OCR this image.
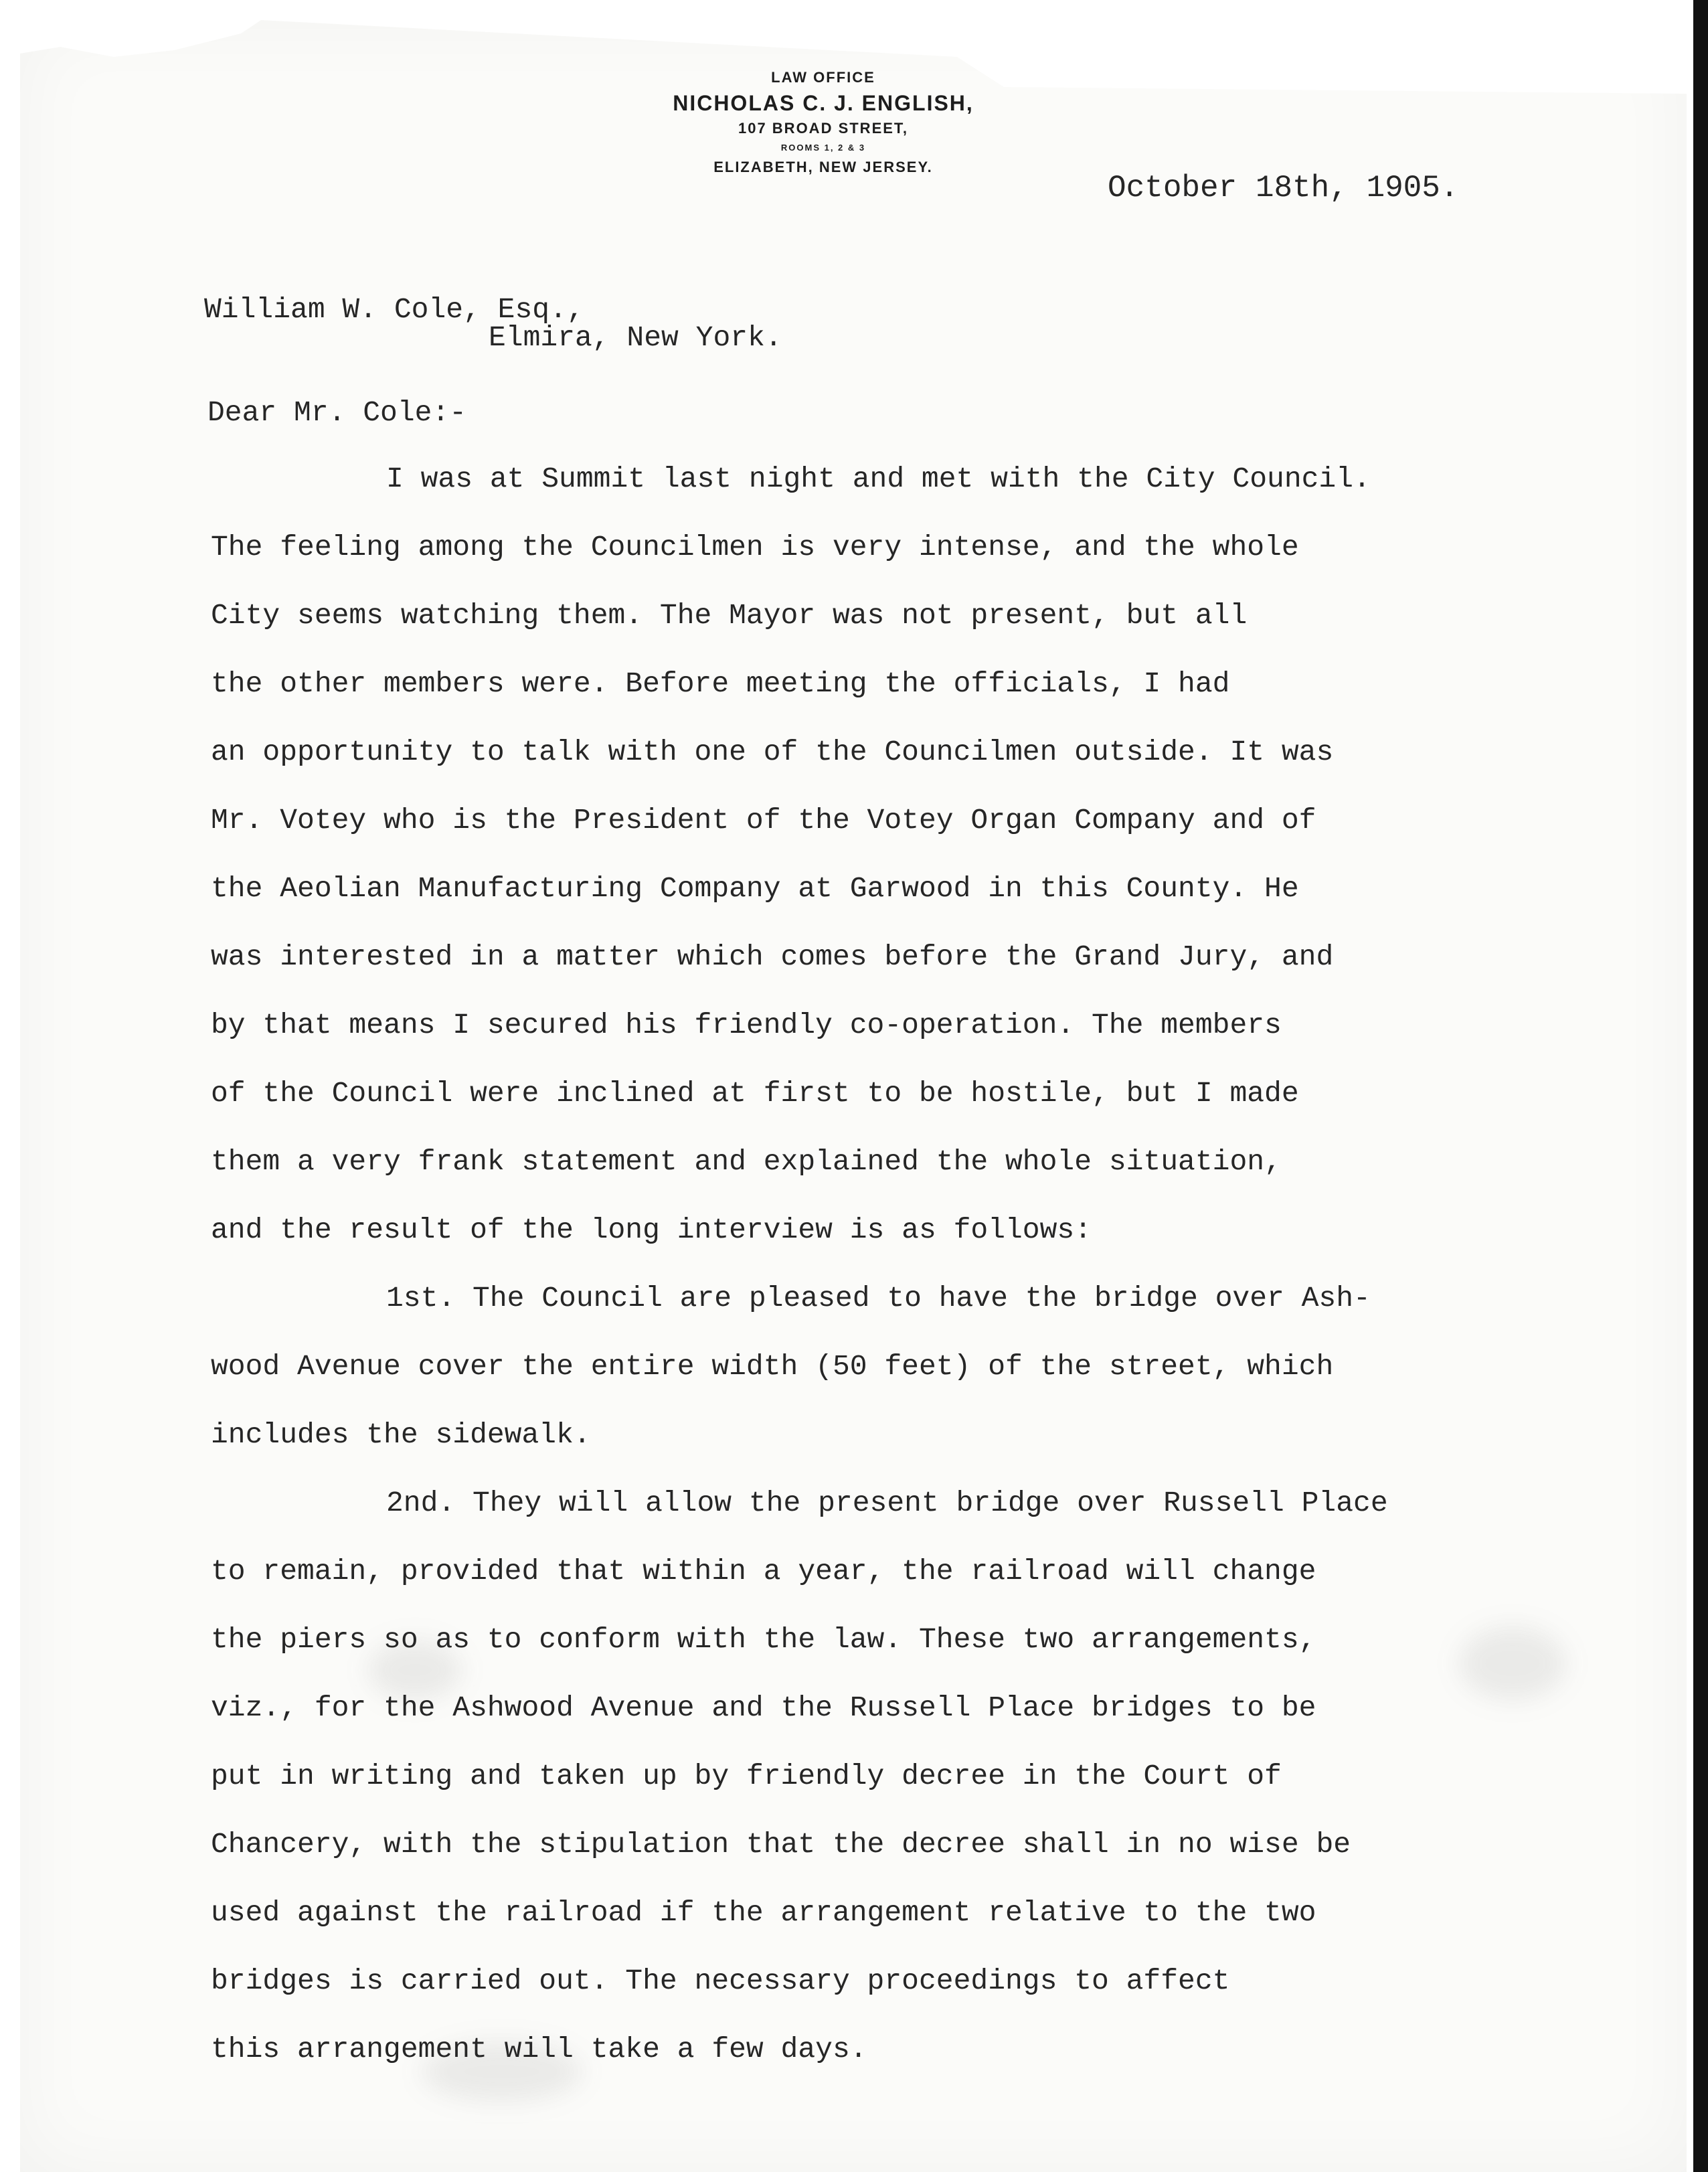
LAW OFFICE
NICHOLAS C. J. ENGLISH,
107 BROAD STREET,
ROOMS 1, 2 & 3
ELIZABETH, NEW JERSEY.
October 18th, 1905.
William W. Cole, Esq.,
Elmira, New York.
Dear Mr. Cole:-
I was at Summit last night and met with the City Council.
The feeling among the Councilmen is very intense, and the whole
City seems watching them. The Mayor was not present, but all
the other members were. Before meeting the officials, I had
an opportunity to talk with one of the Councilmen outside. It was
Mr. Votey who is the President of the Votey Organ Company and of
the Aeolian Manufacturing Company at Garwood in this County. He
was interested in a matter which comes before the Grand Jury, and
by that means I secured his friendly co-operation. The members
of the Council were inclined at first to be hostile, but I made
them a very frank statement and explained the whole situation,
and the result of the long interview is as follows:
1st. The Council are pleased to have the bridge over Ash-
wood Avenue cover the entire width (50 feet) of the street, which
includes the sidewalk.
2nd. They will allow the present bridge over Russell Place
to remain, provided that within a year, the railroad will change
the piers so as to conform with the law. These two arrangements,
viz., for the Ashwood Avenue and the Russell Place bridges to be
put in writing and taken up by friendly decree in the Court of
Chancery, with the stipulation that the decree shall in no wise be
used against the railroad if the arrangement relative to the two
bridges is carried out. The necessary proceedings to affect
this arrangement will take a few days.
